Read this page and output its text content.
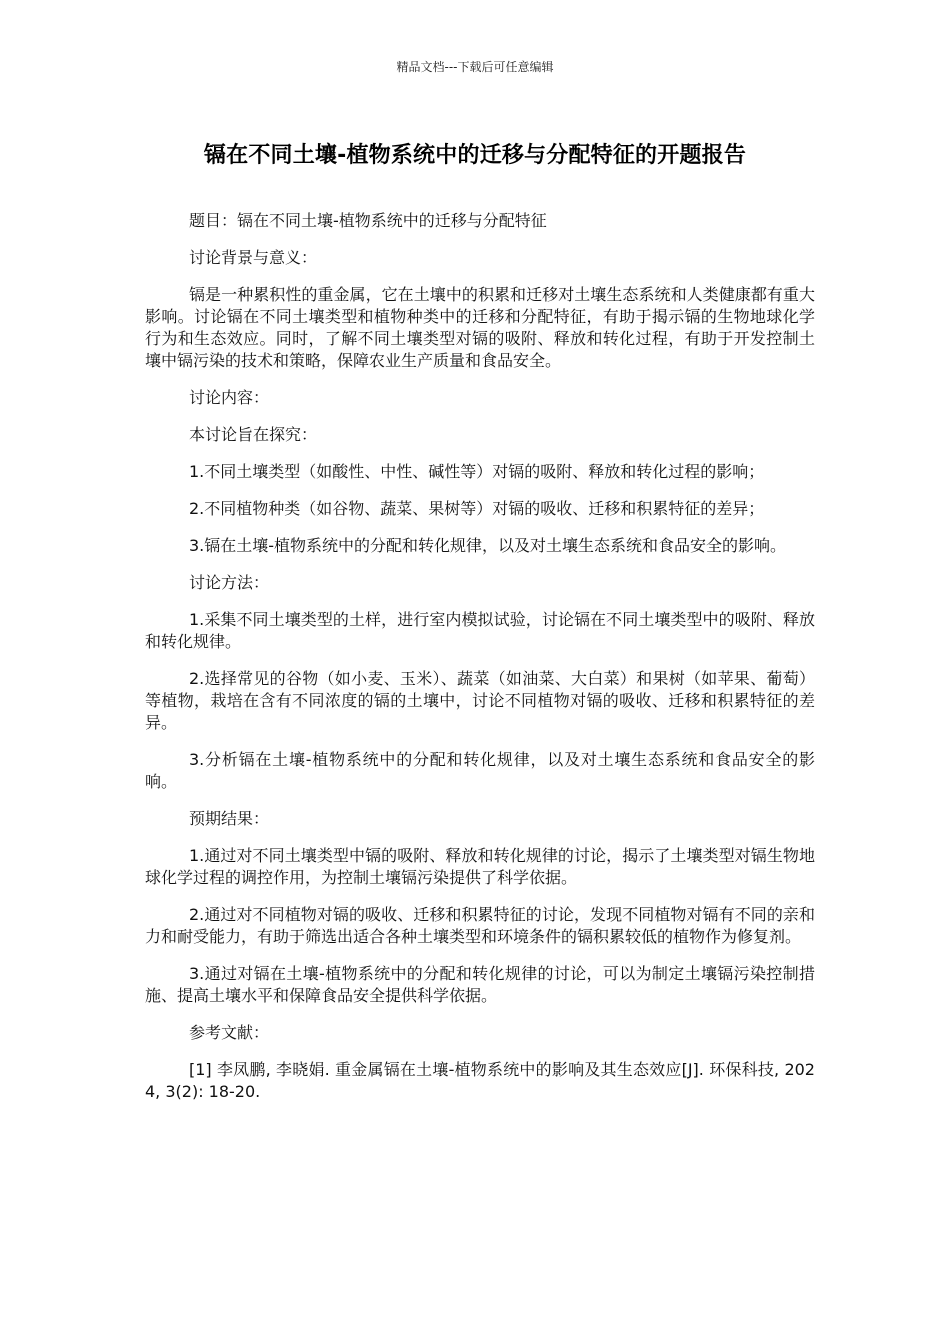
精品文档---下载后可任意编辑
镉在不同土壤-植物系统中的迁移与分配特征的开题报告

题目：镉在不同土壤-植物系统中的迁移与分配特征

讨论背景与意义：

镉是一种累积性的重金属，它在土壤中的积累和迁移对土壤生态系统和人类健康都有重大影响。讨论镉在不同土壤类型和植物种类中的迁移和分配特征，有助于揭示镉的生物地球化学行为和生态效应。同时，了解不同土壤类型对镉的吸附、释放和转化过程，有助于开发控制土壤中镉污染的技术和策略，保障农业生产质量和食品安全。

讨论内容：

本讨论旨在探究：

1.不同土壤类型（如酸性、中性、碱性等）对镉的吸附、释放和转化过程的影响；

2.不同植物种类（如谷物、蔬菜、果树等）对镉的吸收、迁移和积累特征的差异；

3.镉在土壤-植物系统中的分配和转化规律，以及对土壤生态系统和食品安全的影响。

讨论方法：

1.采集不同土壤类型的土样，进行室内模拟试验，讨论镉在不同土壤类型中的吸附、释放和转化规律。

2.选择常见的谷物（如小麦、玉米）、蔬菜（如油菜、大白菜）和果树（如苹果、葡萄）等植物，栽培在含有不同浓度的镉的土壤中，讨论不同植物对镉的吸收、迁移和积累特征的差异。

3.分析镉在土壤-植物系统中的分配和转化规律，以及对土壤生态系统和食品安全的影响。

预期结果：

1.通过对不同土壤类型中镉的吸附、释放和转化规律的讨论，揭示了土壤类型对镉生物地球化学过程的调控作用，为控制土壤镉污染提供了科学依据。

2.通过对不同植物对镉的吸收、迁移和积累特征的讨论，发现不同植物对镉有不同的亲和力和耐受能力，有助于筛选出适合各种土壤类型和环境条件的镉积累较低的植物作为修复剂。

3.通过对镉在土壤-植物系统中的分配和转化规律的讨论，可以为制定土壤镉污染控制措施、提高土壤水平和保障食品安全提供科学依据。

参考文献：

[1] 李凤鹏, 李晓娟. 重金属镉在土壤-植物系统中的影响及其生态效应[J]. 环保科技, 2024, 3(2): 18-20.
